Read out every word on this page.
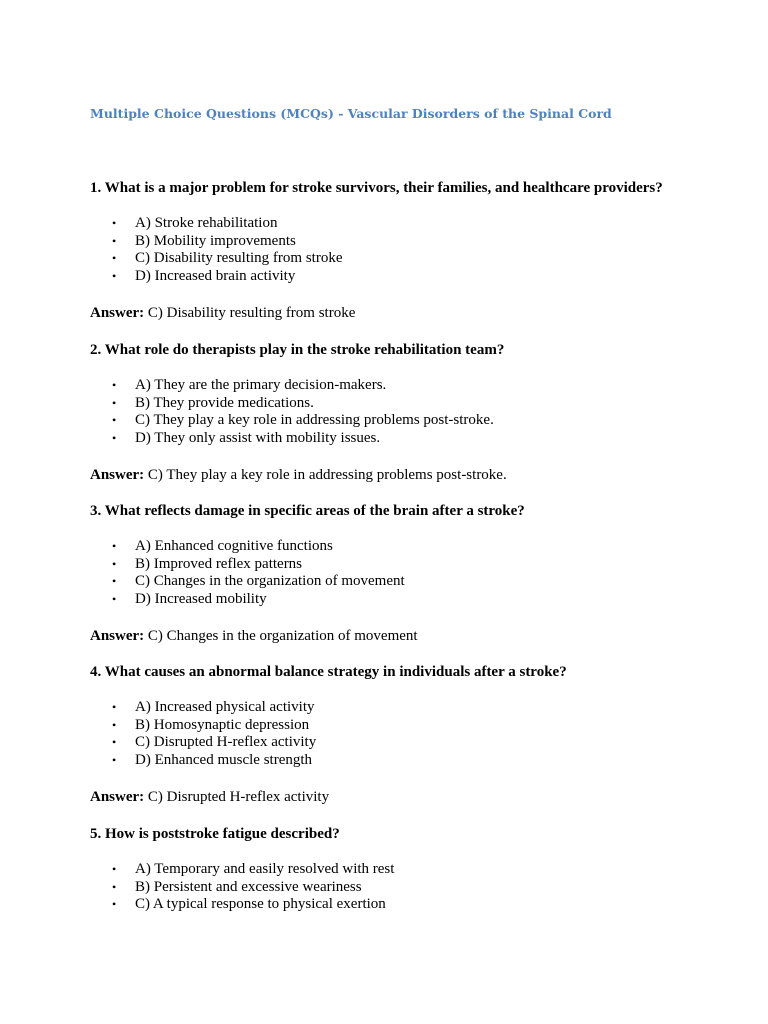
Multiple Choice Questions (MCQs) - Vascular Disorders of the Spinal Cord

1. What is a major problem for stroke survivors, their families, and healthcare providers?

• A) Stroke rehabilitation
• B) Mobility improvements
• C) Disability resulting from stroke
• D) Increased brain activity

Answer: C) Disability resulting from stroke

2. What role do therapists play in the stroke rehabilitation team?

• A) They are the primary decision-makers.
• B) They provide medications.
• C) They play a key role in addressing problems post-stroke.
• D) They only assist with mobility issues.

Answer: C) They play a key role in addressing problems post-stroke.

3. What reflects damage in specific areas of the brain after a stroke?

• A) Enhanced cognitive functions
• B) Improved reflex patterns
• C) Changes in the organization of movement
• D) Increased mobility

Answer: C) Changes in the organization of movement

4. What causes an abnormal balance strategy in individuals after a stroke?

• A) Increased physical activity
• B) Homosynaptic depression
• C) Disrupted H-reflex activity
• D) Enhanced muscle strength

Answer: C) Disrupted H-reflex activity

5. How is poststroke fatigue described?

• A) Temporary and easily resolved with rest
• B) Persistent and excessive weariness
• C) A typical response to physical exertion
